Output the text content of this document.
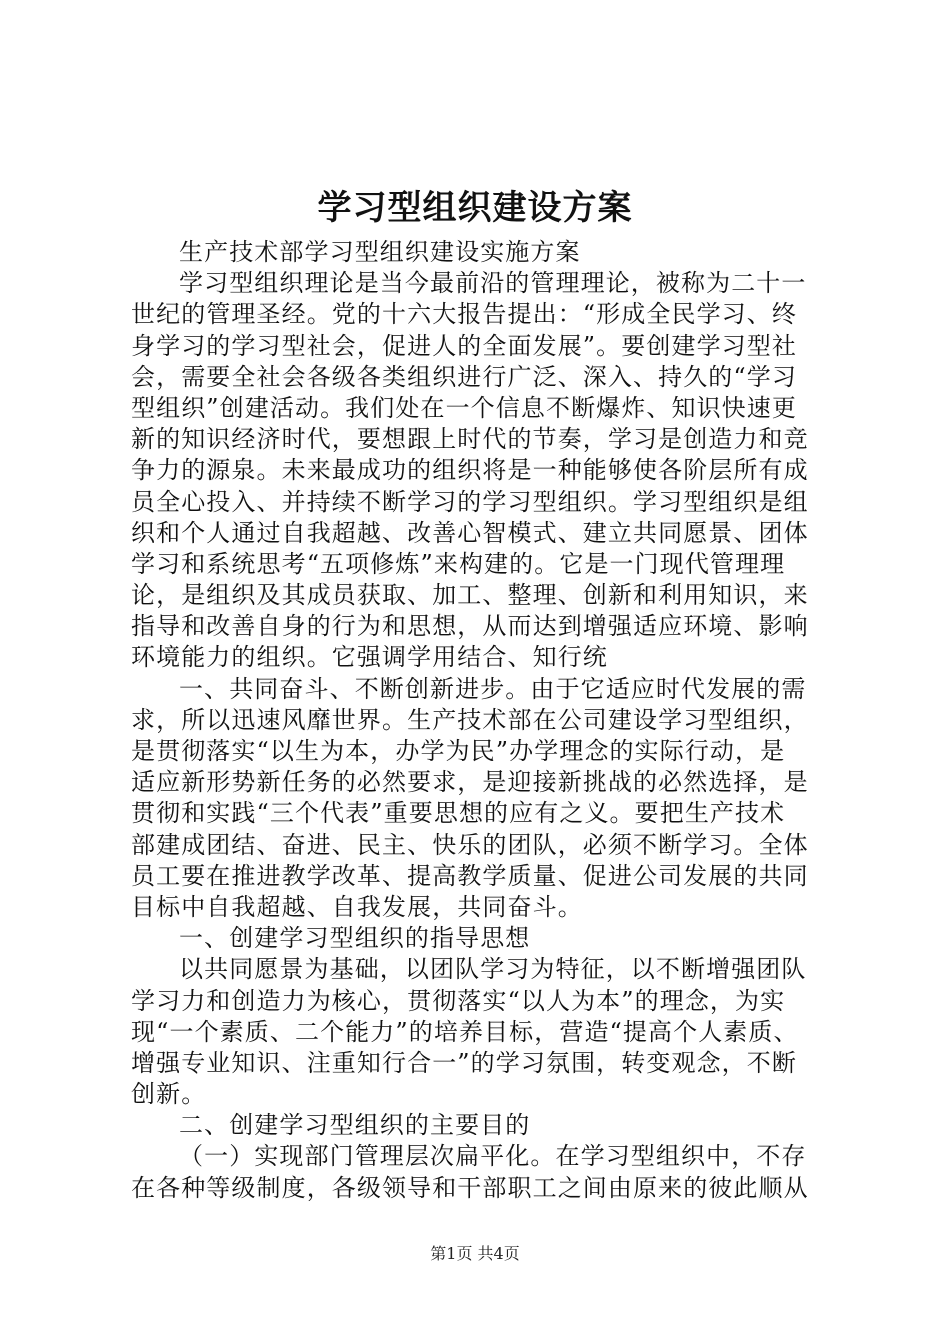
学习型组织建设方案
生产技术部学习型组织建设实施方案
学习型组织理论是当今最前沿的管理理论，被称为二十一
世纪的管理圣经。党的十六大报告提出：“形成全民学习、终
身学习的学习型社会，促进人的全面发展”。要创建学习型社
会，需要全社会各级各类组织进行广泛、深入、持久的“学习
型组织”创建活动。我们处在一个信息不断爆炸、知识快速更
新的知识经济时代，要想跟上时代的节奏，学习是创造力和竞
争力的源泉。未来最成功的组织将是一种能够使各阶层所有成
员全心投入、并持续不断学习的学习型组织。学习型组织是组
织和个人通过自我超越、改善心智模式、建立共同愿景、团体
学习和系统思考“五项修炼”来构建的。它是一门现代管理理
论，是组织及其成员获取、加工、整理、创新和利用知识，来
指导和改善自身的行为和思想，从而达到增强适应环境、影响
环境能力的组织。它强调学用结合、知行统
一、共同奋斗、不断创新进步。由于它适应时代发展的需
求，所以迅速风靡世界。生产技术部在公司建设学习型组织，
是贯彻落实“以生为本，办学为民”办学理念的实际行动，是
适应新形势新任务的必然要求，是迎接新挑战的必然选择，是
贯彻和实践“三个代表”重要思想的应有之义。要把生产技术
部建成团结、奋进、民主、快乐的团队，必须不断学习。全体
员工要在推进教学改革、提高教学质量、促进公司发展的共同
目标中自我超越、自我发展，共同奋斗。
一、创建学习型组织的指导思想
以共同愿景为基础，以团队学习为特征，以不断增强团队
学习力和创造力为核心，贯彻落实“以人为本”的理念，为实
现“一个素质、二个能力”的培养目标，营造“提高个人素质、
增强专业知识、注重知行合一”的学习氛围，转变观念，不断
创新。
二、创建学习型组织的主要目的
（一）实现部门管理层次扁平化。在学习型组织中，不存
在各种等级制度，各级领导和干部职工之间由原来的彼此顺从
第1页 共4页
